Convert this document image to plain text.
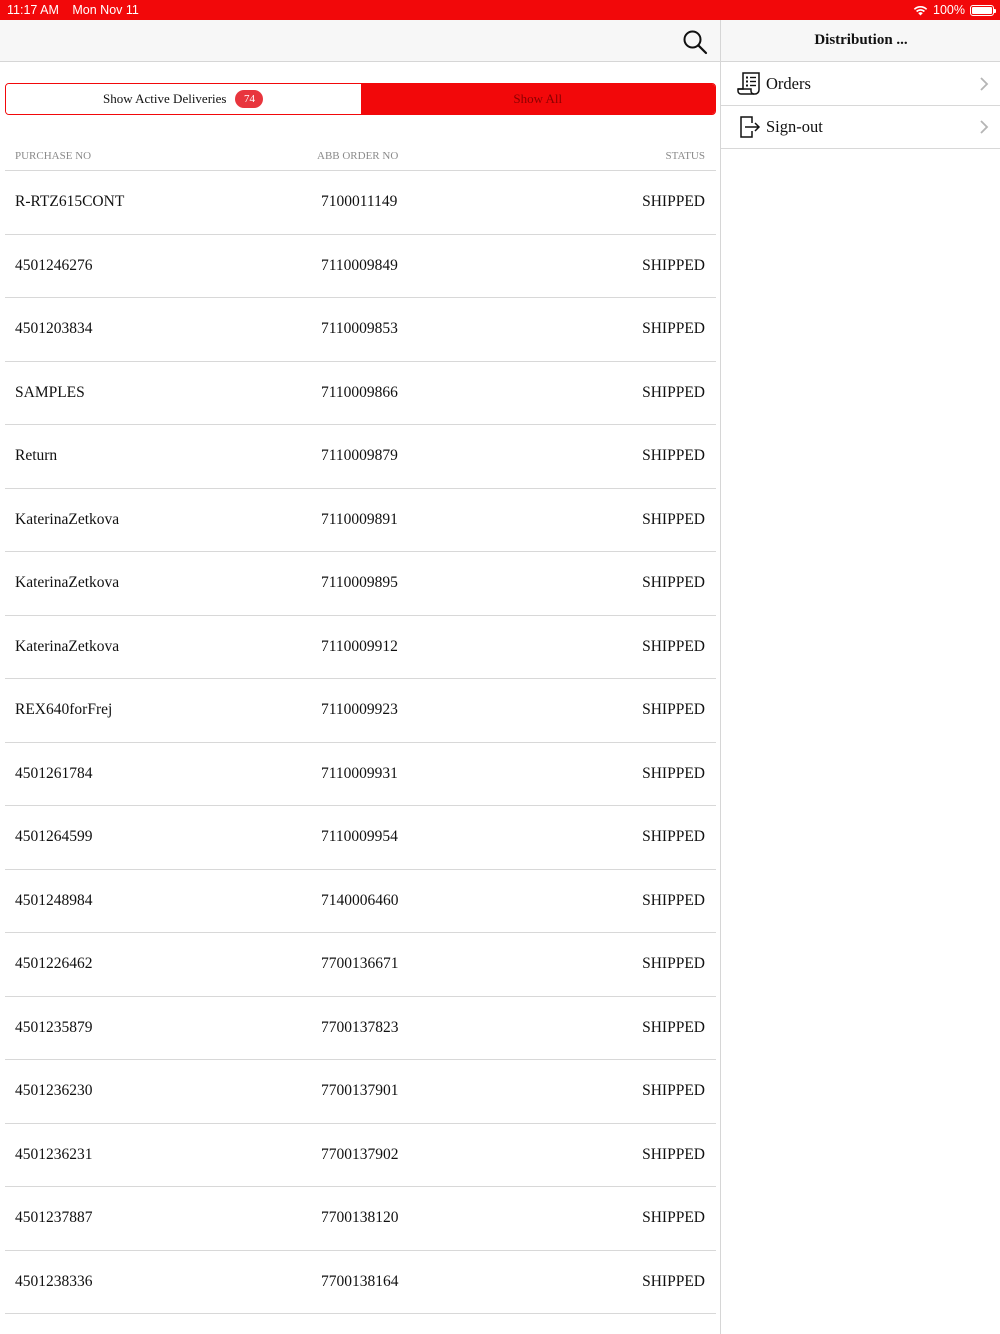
11:17 AM Mon Nov 11	100%
Show Active Deliveries	74	Show All
PURCHASE NO	ABB ORDER NO	STATUS
R-RTZ615CONT	7100011149	SHIPPED
4501246276	7110009849	SHIPPED
4501203834	7110009853	SHIPPED
SAMPLES	7110009866	SHIPPED
Return	7110009879	SHIPPED
KaterinaZetkova	7110009891	SHIPPED
KaterinaZetkova	7110009895	SHIPPED
KaterinaZetkova	7110009912	SHIPPED
REX640forFrej	7110009923	SHIPPED
4501261784	7110009931	SHIPPED
4501264599	7110009954	SHIPPED
4501248984	7140006460	SHIPPED
4501226462	7700136671	SHIPPED
4501235879	7700137823	SHIPPED
4501236230	7700137901	SHIPPED
4501236231	7700137902	SHIPPED
4501237887	7700138120	SHIPPED
4501238336	7700138164	SHIPPED
Distribution ...
Orders
Sign-out
